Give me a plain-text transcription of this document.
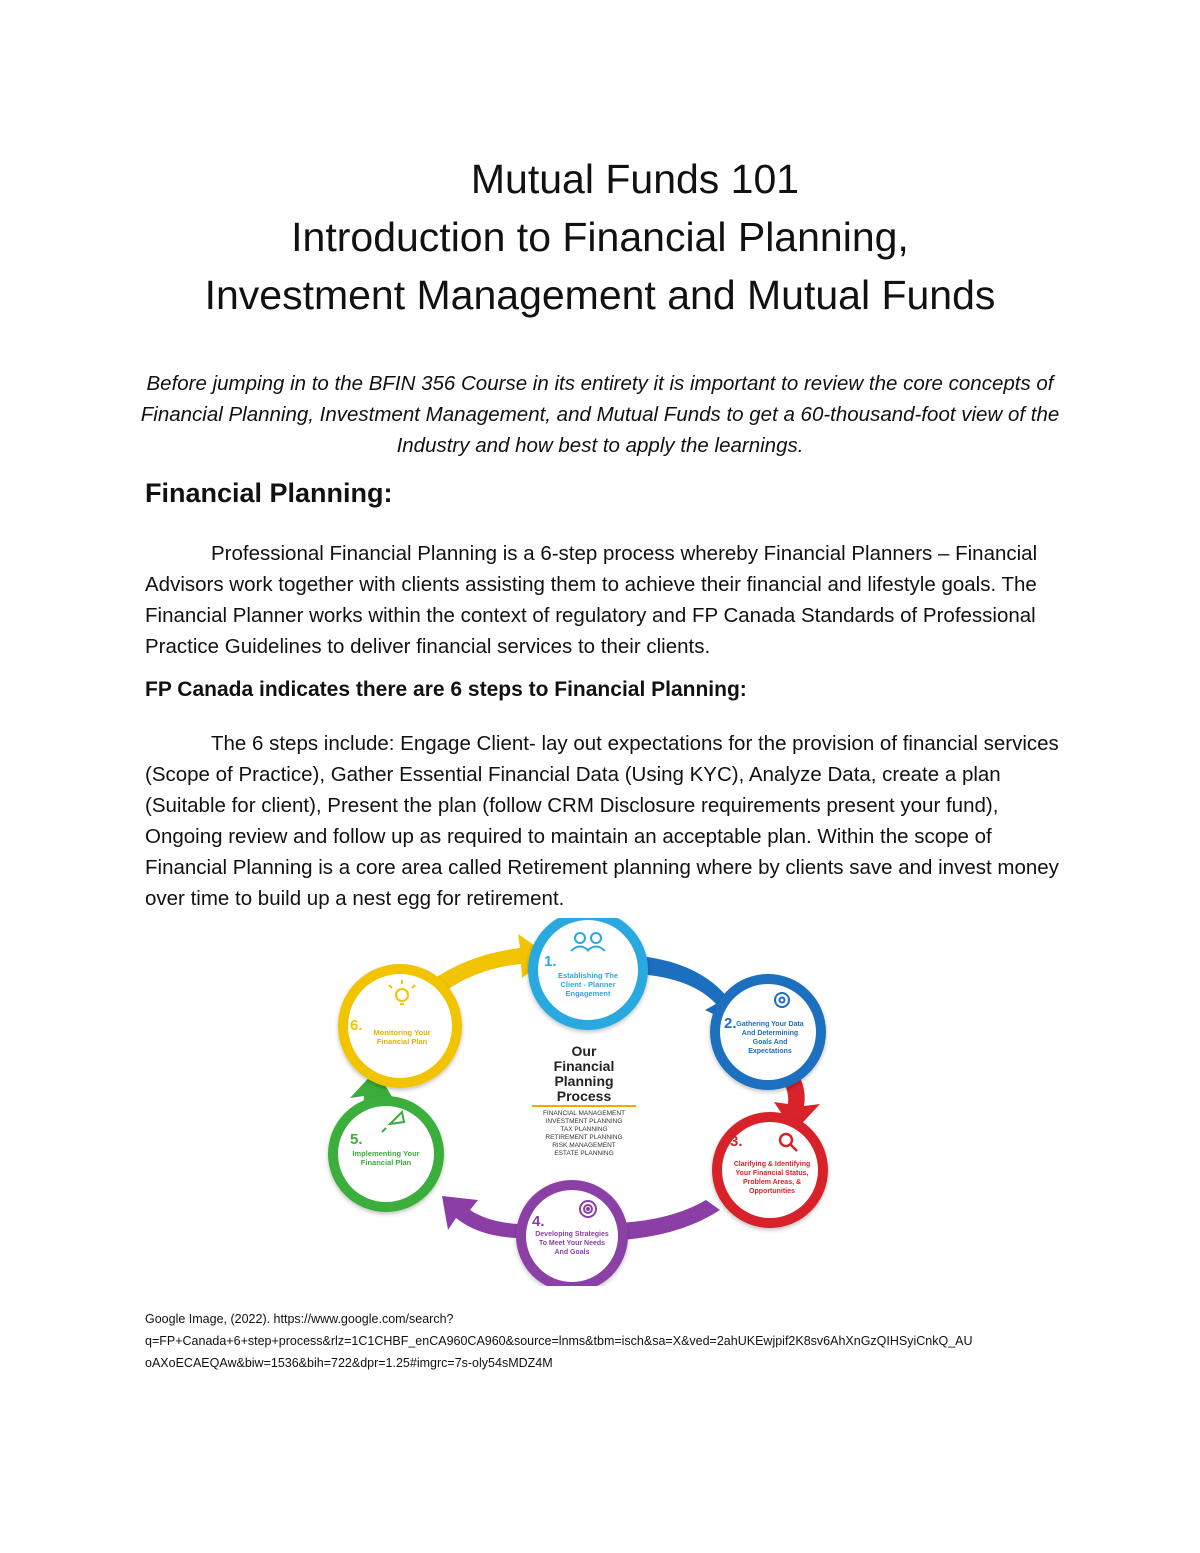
Mutual Funds 101
Introduction to Financial Planning,
Investment Management and Mutual Funds
Before jumping in to the BFIN 356 Course in its entirety it is important to review the core concepts of Financial Planning, Investment Management, and Mutual Funds to get a 60-thousand-foot view of the Industry and how best to apply the learnings.
Financial Planning:
Professional Financial Planning is a 6-step process whereby Financial Planners – Financial Advisors work together with clients assisting them to achieve their financial and lifestyle goals. The Financial Planner works within the context of regulatory and FP Canada Standards of Professional Practice Guidelines to deliver financial services to their clients.
FP Canada indicates there are 6 steps to Financial Planning:
The 6 steps include: Engage Client- lay out expectations for the provision of financial services (Scope of Practice), Gather Essential Financial Data (Using KYC), Analyze Data, create a plan (Suitable for client), Present the plan (follow CRM Disclosure requirements present your fund), Ongoing review and follow up as required to maintain an acceptable plan. Within the scope of Financial Planning is a core area called Retirement planning where by clients save and invest money over time to build up a nest egg for retirement.
1.
Establishing The
Client - Planner
Engagement
2. Gathering Your Data
And Determining
Goals And
Expectations
3.
Clarifying & Identifying
Your Financial Status,
Problem Areas, &
Opportunities
4.
Developing Strategies
To Meet Your Needs
And Goals
5.
Implementing Your
Financial Plan
6. Monitoring Your
Financial Plan
Our
Financial
Planning
Process
FINANCIAL MANAGEMENT
INVESTMENT PLANNING
TAX PLANNING
RETIREMENT PLANNING
RISK MANAGEMENT
ESTATE PLANNING
Google Image, (2022). https://www.google.com/search?
q=FP+Canada+6+step+process&rlz=1C1CHBF_enCA960CA960&source=lnms&tbm=isch&sa=X&ved=2ahUKEwjpif2K8sv6AhXnGzQIHSyiCnkQ_AU
oAXoECAEQAw&biw=1536&bih=722&dpr=1.25#imgrc=7s-oly54sMDZ4M
